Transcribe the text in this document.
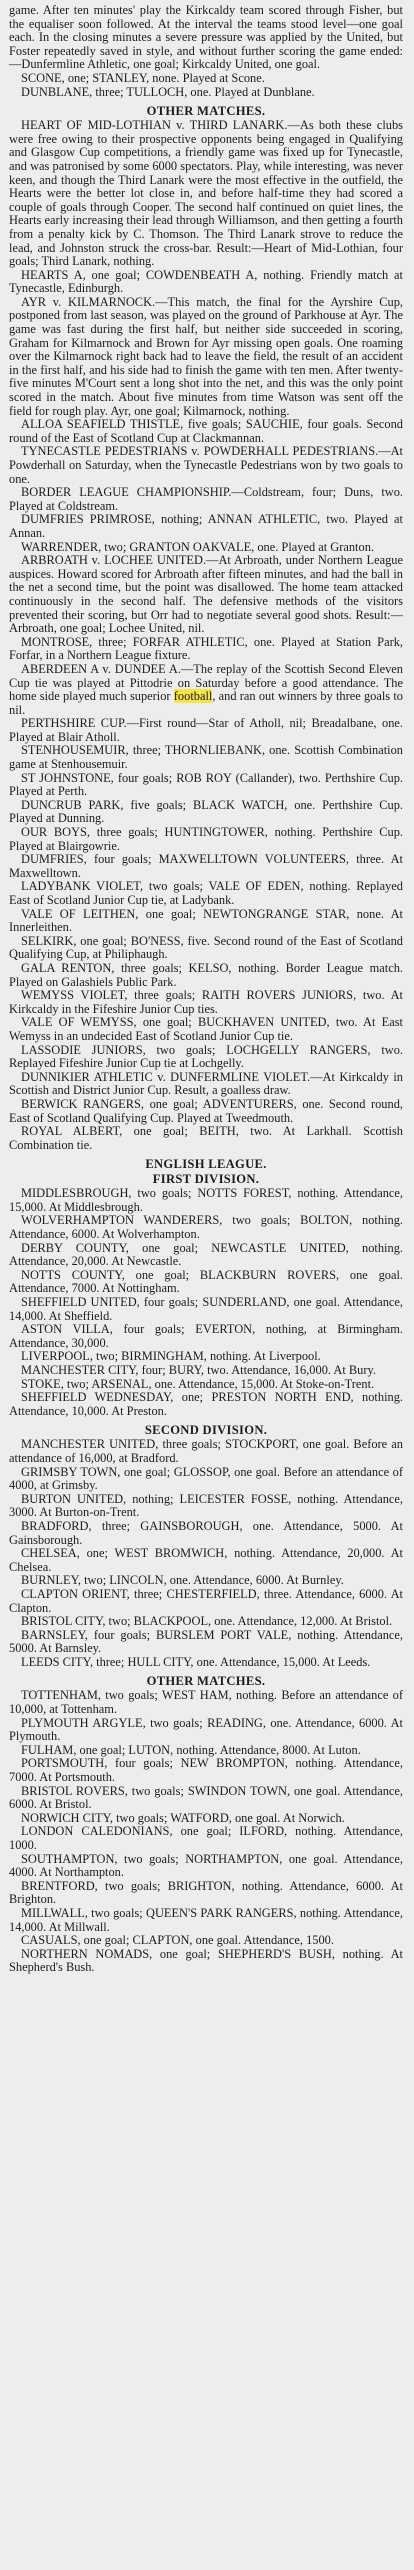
game. After ten minutes' play the Kirkcaldy team scored through Fisher, but the equaliser soon followed. At the interval the teams stood level—one goal each. In the closing minutes a severe pressure was applied by the United, but Foster repeatedly saved in style, and without further scoring the game ended:—Dunfermline Athletic, one goal; Kirkcaldy United, one goal.

SCONE, one; STANLEY, none. Played at Scone.

DUNBLANE, three; TULLOCH, one. Played at Dunblane.

OTHER MATCHES.

HEART OF MID-LOTHIAN v. THIRD LANARK.—As both these clubs were free owing to their prospective opponents being engaged in Qualifying and Glasgow Cup competitions, a friendly game was fixed up for Tynecastle, and was patronised by some 6000 spectators. Play, while interesting, was never keen, and though the Third Lanark were the most effective in the outfield, the Hearts were the better lot close in, and before half-time they had scored a couple of goals through Cooper. The second half continued on quiet lines, the Hearts early increasing their lead through Williamson, and then getting a fourth from a penalty kick by C. Thomson. The Third Lanark strove to reduce the lead, and Johnston struck the cross-bar. Result:—Heart of Mid-Lothian, four goals; Third Lanark, nothing.

HEARTS A, one goal; COWDENBEATH A, nothing. Friendly match at Tynecastle, Edinburgh.

AYR v. KILMARNOCK.—This match, the final for the Ayrshire Cup, postponed from last season, was played on the ground of Parkhouse at Ayr. The game was fast during the first half, but neither side succeeded in scoring, Graham for Kilmarnock and Brown for Ayr missing open goals. One roaming over the Kilmarnock right back had to leave the field, the result of an accident in the first half, and his side had to finish the game with ten men. After twenty-five minutes M'Court sent a long shot into the net, and this was the only point scored in the match. About five minutes from time Watson was sent off the field for rough play. Ayr, one goal; Kilmarnock, nothing.

ALLOA SEAFIELD THISTLE, five goals; SAUCHIE, four goals. Second round of the East of Scotland Cup at Clackmannan.

TYNECASTLE PEDESTRIANS v. POWDERHALL PEDESTRIANS.—At Powderhall on Saturday, when the Tynecastle Pedestrians won by two goals to one.

BORDER LEAGUE CHAMPIONSHIP.—Coldstream, four; Duns, two. Played at Coldstream.

DUMFRIES PRIMROSE, nothing; ANNAN ATHLETIC, two. Played at Annan.

WARRENDER, two; GRANTON OAKVALE, one. Played at Granton.

ARBROATH v. LOCHEE UNITED.—At Arbroath, under Northern League auspices. Howard scored for Arbroath after fifteen minutes, and had the ball in the net a second time, but the point was disallowed. The home team attacked continuously in the second half. The defensive methods of the visitors prevented their scoring, but Orr had to negotiate several good shots. Result:—Arbroath, one goal; Lochee United, nil.

MONTROSE, three; FORFAR ATHLETIC, one. Played at Station Park, Forfar, in a Northern League fixture.

ABERDEEN A v. DUNDEE A.—The replay of the Scottish Second Eleven Cup tie was played at Pittodrie on Saturday before a good attendance. The home side played much superior football, and ran out winners by three goals to nil.

PERTHSHIRE CUP.—First round—Star of Atholl, nil; Breadalbane, one. Played at Blair Atholl.

STENHOUSEMUIR, three; THORNLIEBANK, one. Scottish Combination game at Stenhousemuir.

ST JOHNSTONE, four goals; ROB ROY (Callander), two. Perthshire Cup. Played at Perth.

DUNCRUB PARK, five goals; BLACK WATCH, one. Perthshire Cup. Played at Dunning.

OUR BOYS, three goals; HUNTINGTOWER, nothing. Perthshire Cup. Played at Blairgowrie.

DUMFRIES, four goals; MAXWELLTOWN VOLUNTEERS, three. At Maxwelltown.

LADYBANK VIOLET, two goals; VALE OF EDEN, nothing. Replayed East of Scotland Junior Cup tie, at Ladybank.

VALE OF LEITHEN, one goal; NEWTONGRANGE STAR, none. At Innerleithen.

SELKIRK, one goal; BO'NESS, five. Second round of the East of Scotland Qualifying Cup, at Philiphaugh.

GALA RENTON, three goals; KELSO, nothing. Border League match. Played on Galashiels Public Park.

WEMYSS VIOLET, three goals; RAITH ROVERS JUNIORS, two. At Kirkcaldy in the Fifeshire Junior Cup ties.

VALE OF WEMYSS, one goal; BUCKHAVEN UNITED, two. At East Wemyss in an undecided East of Scotland Junior Cup tie.

LASSODIE JUNIORS, two goals; LOCHGELLY RANGERS, two. Replayed Fifeshire Junior Cup tie at Lochgelly.

DUNNIKIER ATHLETIC v. DUNFERMLINE VIOLET.—At Kirkcaldy in Scottish and District Junior Cup. Result, a goalless draw.

BERWICK RANGERS, one goal; ADVENTURERS, one. Second round, East of Scotland Qualifying Cup. Played at Tweedmouth.

ROYAL ALBERT, one goal; BEITH, two. At Larkhall. Scottish Combination tie.

ENGLISH LEAGUE.
FIRST DIVISION.

MIDDLESBROUGH, two goals; NOTTS FOREST, nothing. Attendance, 15,000. At Middlesbrough.

WOLVERHAMPTON WANDERERS, two goals; BOLTON, nothing. Attendance, 6000. At Wolverhampton.

DERBY COUNTY, one goal; NEWCASTLE UNITED, nothing. Attendance, 20,000. At Newcastle.

NOTTS COUNTY, one goal; BLACKBURN ROVERS, one goal. Attendance, 7000. At Nottingham.

SHEFFIELD UNITED, four goals; SUNDERLAND, one goal. Attendance, 14,000. At Sheffield.

ASTON VILLA, four goals; EVERTON, nothing, at Birmingham. Attendance, 30,000.

LIVERPOOL, two; BIRMINGHAM, nothing. At Liverpool.

MANCHESTER CITY, four; BURY, two. Attendance, 16,000. At Bury.

STOKE, two; ARSENAL, one. Attendance, 15,000. At Stoke-on-Trent.

SHEFFIELD WEDNESDAY, one; PRESTON NORTH END, nothing. Attendance, 10,000. At Preston.

SECOND DIVISION.

MANCHESTER UNITED, three goals; STOCKPORT, one goal. Before an attendance of 16,000, at Bradford.

GRIMSBY TOWN, one goal; GLOSSOP, one goal. Before an attendance of 4000, at Grimsby.

BURTON UNITED, nothing; LEICESTER FOSSE, nothing. Attendance, 3000. At Burton-on-Trent.

BRADFORD, three; GAINSBOROUGH, one. Attendance, 5000. At Gainsborough.

CHELSEA, one; WEST BROMWICH, nothing. Attendance, 20,000. At Chelsea.

BURNLEY, two; LINCOLN, one. Attendance, 6000. At Burnley.

CLAPTON ORIENT, three; CHESTERFIELD, three. Attendance, 6000. At Clapton.

BRISTOL CITY, two; BLACKPOOL, one. Attendance, 12,000. At Bristol.

BARNSLEY, four goals; BURSLEM PORT VALE, nothing. Attendance, 5000. At Barnsley.

LEEDS CITY, three; HULL CITY, one. Attendance, 15,000. At Leeds.

OTHER MATCHES.

TOTTENHAM, two goals; WEST HAM, nothing. Before an attendance of 10,000, at Tottenham.

PLYMOUTH ARGYLE, two goals; READING, one. Attendance, 6000. At Plymouth.

FULHAM, one goal; LUTON, nothing. Attendance, 8000. At Luton.

PORTSMOUTH, four goals; NEW BROMPTON, nothing. Attendance, 7000. At Portsmouth.

BRISTOL ROVERS, two goals; SWINDON TOWN, one goal. Attendance, 6000. At Bristol.

NORWICH CITY, two goals; WATFORD, one goal. At Norwich.

LONDON CALEDONIANS, one goal; ILFORD, nothing. Attendance, 1000.

SOUTHAMPTON, two goals; NORTHAMPTON, one goal. Attendance, 4000. At Northampton.

BRENTFORD, two goals; BRIGHTON, nothing. Attendance, 6000. At Brighton.

MILLWALL, two goals; QUEEN'S PARK RANGERS, nothing. Attendance, 14,000. At Millwall.

CASUALS, one goal; CLAPTON, one goal. Attendance, 1500.

NORTHERN NOMADS, one goal; SHEPHERD'S BUSH, nothing. At Shepherd's Bush.
